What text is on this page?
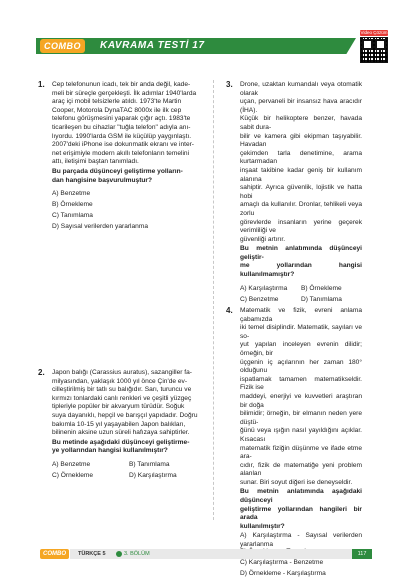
COMBO	KAVRAMA TESTİ 17
Video Çözüm
1. Cep telefonunun icadı, tek bir anda değil, kade-
meli bir süreçle gerçekleşti. İlk adımlar 1940'larda
araç içi mobil telsizlerle atıldı. 1973'te Martin
Cooper, Motorola DynaTAC 8000x ile ilk cep
telefonu görüşmesini yaparak çığır açtı. 1983'te
ticarileşen bu cihazlar "tuğla telefon" adıyla anı-
lıyordu. 1990'larda GSM ile küçülüp yaygınlaştı.
2007'deki iPhone ise dokunmatik ekranı ve inter-
net erişimiyle modern akıllı telefonların temelini
attı, iletişimi baştan tanımladı.
Bu parçada düşünceyi geliştirme yolların-
dan hangisine başvurulmuştur?
A) Benzetme
B) Örnekleme
C) Tanımlama
D) Sayısal verilerden yararlanma
2. Japon balığı (Carassius auratus), sazangiller fa-
milyasından, yaklaşık 1000 yıl önce Çin'de ev-
cilleştirilmiş bir tatlı su balığıdır. Sarı, turuncu ve
kırmızı tonlardaki canlı renkleri ve çeşitli yüzgeç
tipleriyle popüler bir akvaryum türüdür. Soğuk
suya dayanıklı, hepçil ve barışçıl yapıdadır. Doğru
bakımla 10-15 yıl yaşayabilen Japon balıkları,
bilinenin aksine uzun süreli hafızaya sahiptirler.
Bu metinde aşağıdaki düşünceyi geliştirme-
ye yollarından hangisi kullanılmıştır?
A) Benzetme	B) Tanımlama
C) Örnekleme	D) Karşılaştırma
3. Drone, uzaktan kumandalı veya otomatik olarak
uçan, pervaneli bir insansız hava aracıdır (İHA).
Küçük bir helikoptere benzer, havada sabit dura-
bilir ve kamera gibi ekipman taşıyabilir. Havadan
çekimden tarla denetimine, arama kurtarmadan
inşaat takibine kadar geniş bir kullanım alanına
sahiptir. Ayrıca güvenlik, lojistik ve hatta hobi
amaçlı da kullanılır. Dronlar, tehlikeli veya zorlu
görevlerde insanların yerine geçerek verimliliği ve
güvenliği artırır.
Bu metnin anlatımında düşünceyi geliştir-
me yollarından hangisi kullanılmamıştır?
A) Karşılaştırma	B) Örnekleme
C) Benzetme	D) Tanımlama
4. Matematik ve fizik, evreni anlama çabamızda
iki temel disiplindir. Matematik, sayıları ve so-
yut yapıları inceleyen evrenin dilidir; örneğin, bir
üçgenin iç açılarının her zaman 180° olduğunu
ispatlamak tamamen matematikseldir. Fizik ise
maddeyi, enerjiyi ve kuvvetleri araştıran bir doğa
bilimidir; örneğin, bir elmanın neden yere düştü-
ğünü veya ışığın nasıl yayıldığını açıklar. Kısacası
matematik fiziğin düşünme ve ifade etme ara-
cıdır, fizik de matematiğe yeni problem alanları
sunar. Biri soyut diğeri ise deneyseldir.
Bu metnin anlatımında aşağıdaki düşünceyi
geliştirme yollarından hangileri bir arada
kullanılmıştır?
A) Karşılaştırma - Sayısal verilerden yararlanma
C) Karşılaştırma - Benzetme
D) Örnekleme - Karşılaştırma
COMBO	TÜRKÇE 5	3. BÖLÜM	117
